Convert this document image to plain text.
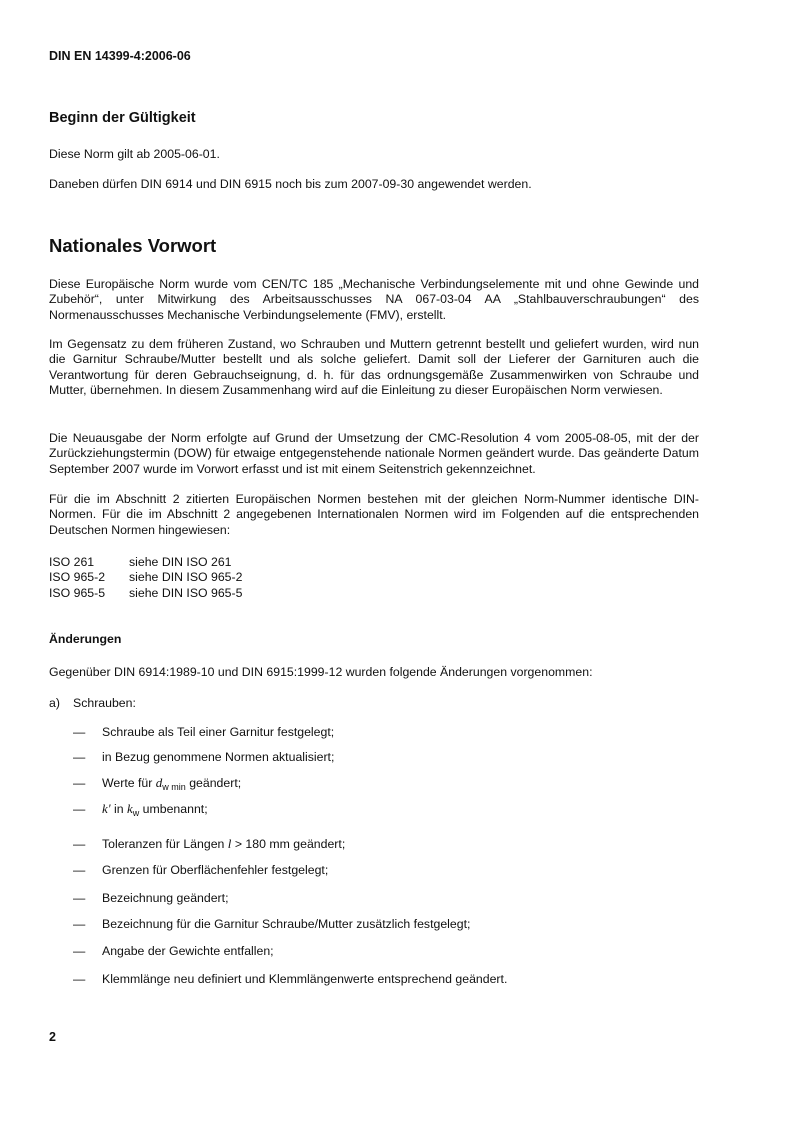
DIN EN 14399-4:2006-06
Beginn der Gültigkeit
Diese Norm gilt ab 2005-06-01.
Daneben dürfen DIN 6914 und DIN 6915 noch bis zum 2007-09-30 angewendet werden.
Nationales Vorwort
Diese Europäische Norm wurde vom CEN/TC 185 „Mechanische Verbindungselemente mit und ohne Gewinde und Zubehör“, unter Mitwirkung des Arbeitsausschusses NA 067-03-04 AA „Stahlbauverschraubungen“ des Normenausschusses Mechanische Verbindungselemente (FMV), erstellt.
Im Gegensatz zu dem früheren Zustand, wo Schrauben und Muttern getrennt bestellt und geliefert wurden, wird nun die Garnitur Schraube/Mutter bestellt und als solche geliefert. Damit soll der Lieferer der Garnituren auch die Verantwortung für deren Gebrauchseignung, d. h. für das ordnungsgemäße Zusammenwirken von Schraube und Mutter, übernehmen. In diesem Zusammenhang wird auf die Einleitung zu dieser Europäischen Norm verwiesen.
Die Neuausgabe der Norm erfolgte auf Grund der Umsetzung der CMC-Resolution 4 vom 2005-08-05, mit der der Zurückziehungstermin (DOW) für etwaige entgegenstehende nationale Normen geändert wurde. Das geänderte Datum September 2007 wurde im Vorwort erfasst und ist mit einem Seitenstrich gekennzeichnet.
Für die im Abschnitt 2 zitierten Europäischen Normen bestehen mit der gleichen Norm-Nummer identische DIN-Normen. Für die im Abschnitt 2 angegebenen Internationalen Normen wird im Folgenden auf die entsprechenden Deutschen Normen hingewiesen:
ISO 261	siehe DIN ISO 261
ISO 965-2 siehe DIN ISO 965-2
ISO 965-5 siehe DIN ISO 965-5
Änderungen
Gegenüber DIN 6914:1989-10 und DIN 6915:1999-12 wurden folgende Änderungen vorgenommen:
a) Schrauben:
— Schraube als Teil einer Garnitur festgelegt;
— in Bezug genommene Normen aktualisiert;
— Werte für $d_{w min}$ geändert;
— k' in $k_w$ umbenannt;
— Toleranzen für Längen l > 180 mm geändert;
— Grenzen für Oberflächenfehler festgelegt;
— Bezeichnung geändert;
— Bezeichnung für die Garnitur Schraube/Mutter zusätzlich festgelegt;
— Angabe der Gewichte entfallen;
— Klemmlänge neu definiert und Klemmlängenwerte entsprechend geändert.
2
